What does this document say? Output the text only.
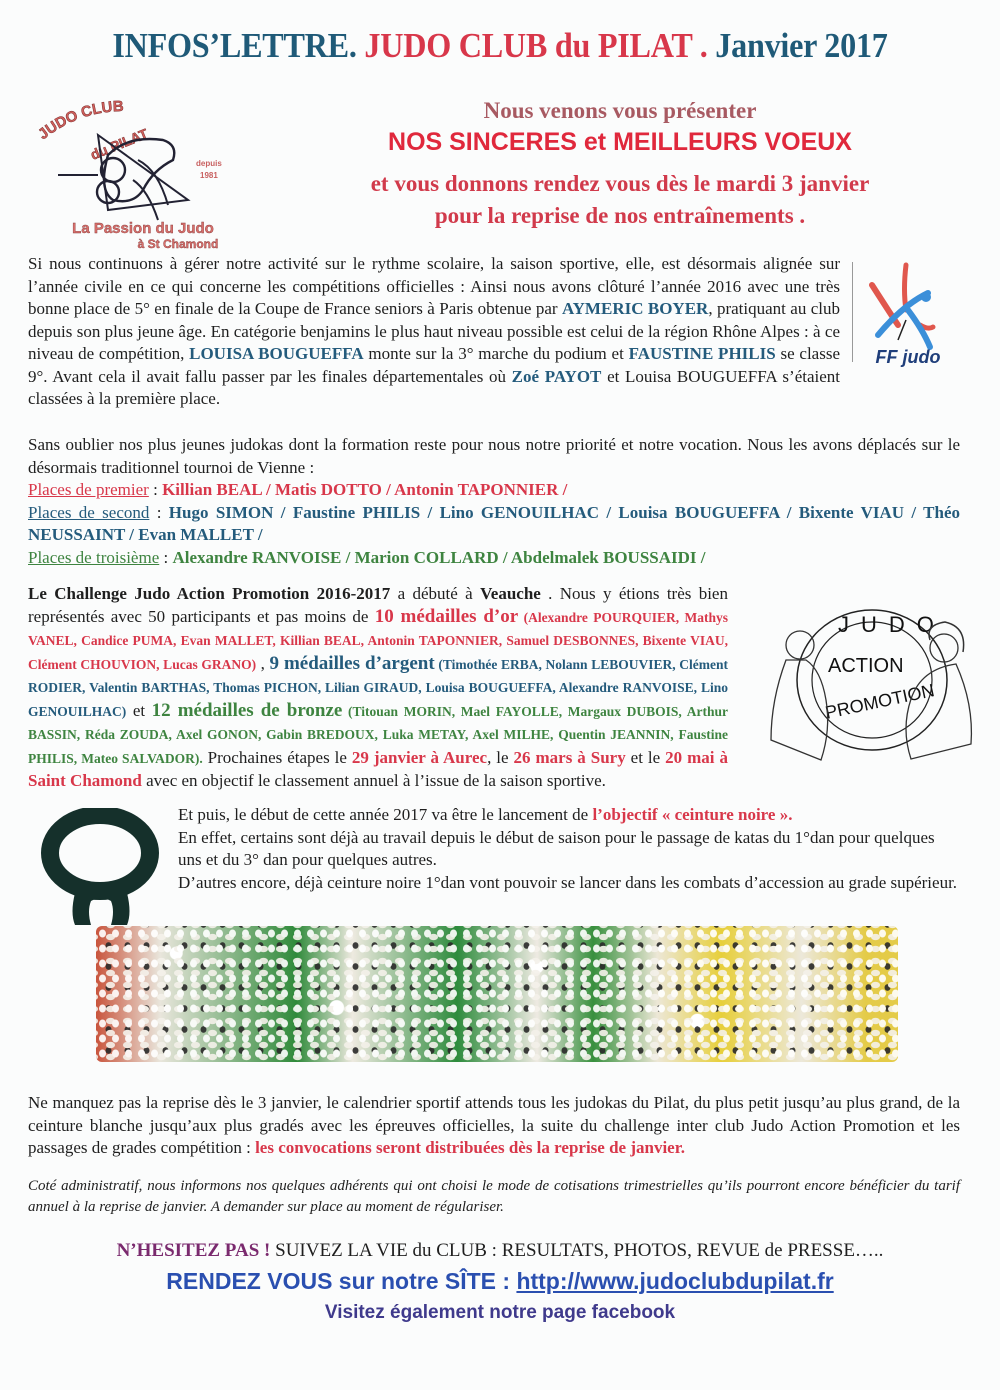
INFOS’LETTRE. JUDO CLUB du PILAT . Janvier 2017
UDO CLUB
du PILAT
depuis
1981
La Passion du Judo
à St Chamond
Nous venons vous présenter
NOS SINCERES et MEILLEURS VOEUX
et vous donnons rendez vous dès le mardi 3 janvier
pour la reprise de nos entraînements .
Si nous continuons à gérer notre activité sur le rythme scolaire, la saison sportive, elle, est désormais alignée sur l’année civile en ce qui concerne les compétitions officielles : Ainsi nous avons clôturé l’année 2016 avec une très bonne place de 5° en finale de la Coupe de France seniors à Paris obtenue par AYMERIC BOYER, pratiquant au club depuis son plus jeune âge. En catégorie benjamins le plus haut niveau possible est celui de la région Rhône Alpes : à ce niveau de compétition, LOUISA BOUGUEFFA monte sur la 3° marche du podium et FAUSTINE PHILIS se classe 9°. Avant cela il avait fallu passer par les finales départementales où Zoé PAYOT et Louisa BOUGUEFFA s’étaient classées à la première place.
FF judo
Sans oublier nos plus jeunes judokas dont la formation reste pour nous notre priorité et notre vocation. Nous les avons déplacés sur le désormais traditionnel tournoi de Vienne :
Places de premier : Killian BEAL / Matis DOTTO / Antonin TAPONNIER /
Places de second : Hugo SIMON / Faustine PHILIS / Lino GENOUILHAC / Louisa BOUGUEFFA / Bixente VIAU / Théo NEUSSAINT / Evan MALLET /
Places de troisième : Alexandre RANVOISE / Marion COLLARD / Abdelmalek BOUSSAIDI /
Le Challenge Judo Action Promotion 2016-2017 a débuté à Veauche . Nous y étions très bien représentés avec 50 participants et pas moins de 10 médailles d’or (Alexandre POURQUIER, Mathys VANEL, Candice PUMA, Evan MALLET, Killian BEAL, Antonin TAPONNIER, Samuel DESBONNES, Bixente VIAU, Clément CHOUVION, Lucas GRANO) , 9 médailles d’argent (Timothée ERBA, Nolann LEBOUVIER, Clément RODIER, Valentin BARTHAS, Thomas PICHON, Lilian GIRAUD, Louisa BOUGUEFFA, Alexandre RANVOISE, Lino GENOUILHAC) et 12 médailles de bronze (Titouan MORIN, Mael FAYOLLE, Margaux DUBOIS, Arthur BASSIN, Réda ZOUDA, Axel GONON, Gabin BREDOUX, Luka METAY, Axel MILHE, Quentin JEANNIN, Faustine PHILIS, Mateo SALVADOR). Prochaines étapes le 29 janvier à Aurec, le 26 mars à Sury et le 20 mai à Saint Chamond avec en objectif le classement annuel à l’issue de la saison sportive.
JUDO
ACTION
PROMOTION
Et puis, le début de cette année 2017 va être le lancement de l’objectif « ceinture noire ».
En effet, certains sont déjà au travail depuis le début de saison pour le passage de katas du 1°dan pour quelques uns et du 3° dan pour quelques autres.
D’autres encore, déjà ceinture noire 1°dan vont pouvoir se lancer dans les combats d’accession au grade supérieur.
Ne manquez pas la reprise dès le 3 janvier, le calendrier sportif attends tous les judokas du Pilat, du plus petit jusqu’au plus grand, de la ceinture blanche jusqu’aux plus gradés avec les épreuves officielles, la suite du challenge inter club Judo Action Promotion et les passages de grades compétition : les convocations seront distribuées dès la reprise de janvier.
Coté administratif, nous informons nos quelques adhérents qui ont choisi le mode de cotisations trimestrielles qu’ils pourront encore bénéficier du tarif annuel à la reprise de janvier. A demander sur place au moment de régulariser.
N’HESITEZ PAS ! SUIVEZ LA VIE du CLUB : RESULTATS, PHOTOS, REVUE de PRESSE…..
RENDEZ VOUS sur notre SÎTE : http://www.judoclubdupilat.fr
Visitez également notre page facebook
